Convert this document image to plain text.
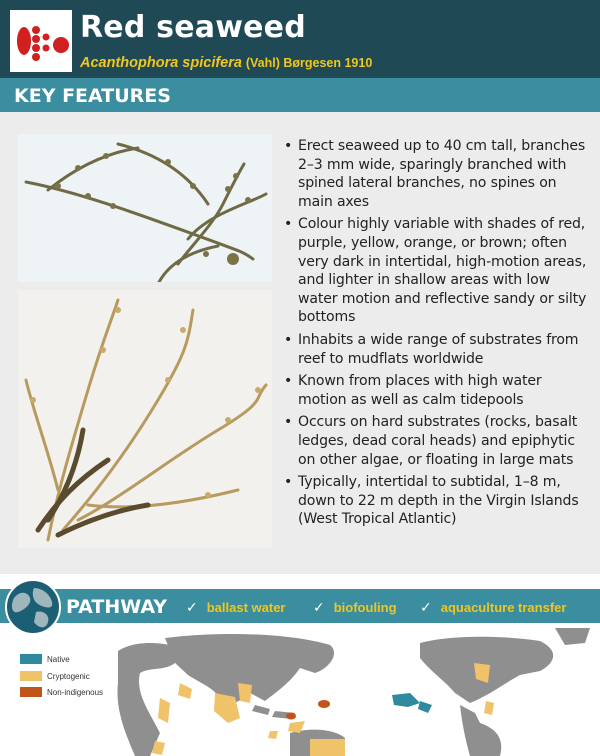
Red seaweed
Acanthophora spicifera (Vahl) Børgesen 1910
KEY FEATURES
• Erect seaweed up to 40 cm tall, branches 2–3 mm wide, sparingly branched with spined lateral branches, no spines on main axes
• Colour highly variable with shades of red, purple, yellow, orange, or brown; often very dark in intertidal, high-motion areas, and lighter in shallow areas with low water motion and reflective sandy or silty bottoms
• Inhabits a wide range of substrates from reef to mudflats worldwide
• Known from places with high water motion as well as calm tidepools
• Occurs on hard substrates (rocks, basalt ledges, dead coral heads) and epiphytic on other algae, or floating in large mats
• Typically, intertidal to subtidal, 1–8 m, down to 22 m depth in the Virgin Islands (West Tropical Atlantic)
PATHWAY ✓ ballast water ✓ biofouling ✓ aquaculture transfer
Native
Cryptogenic
Non-indigenous
